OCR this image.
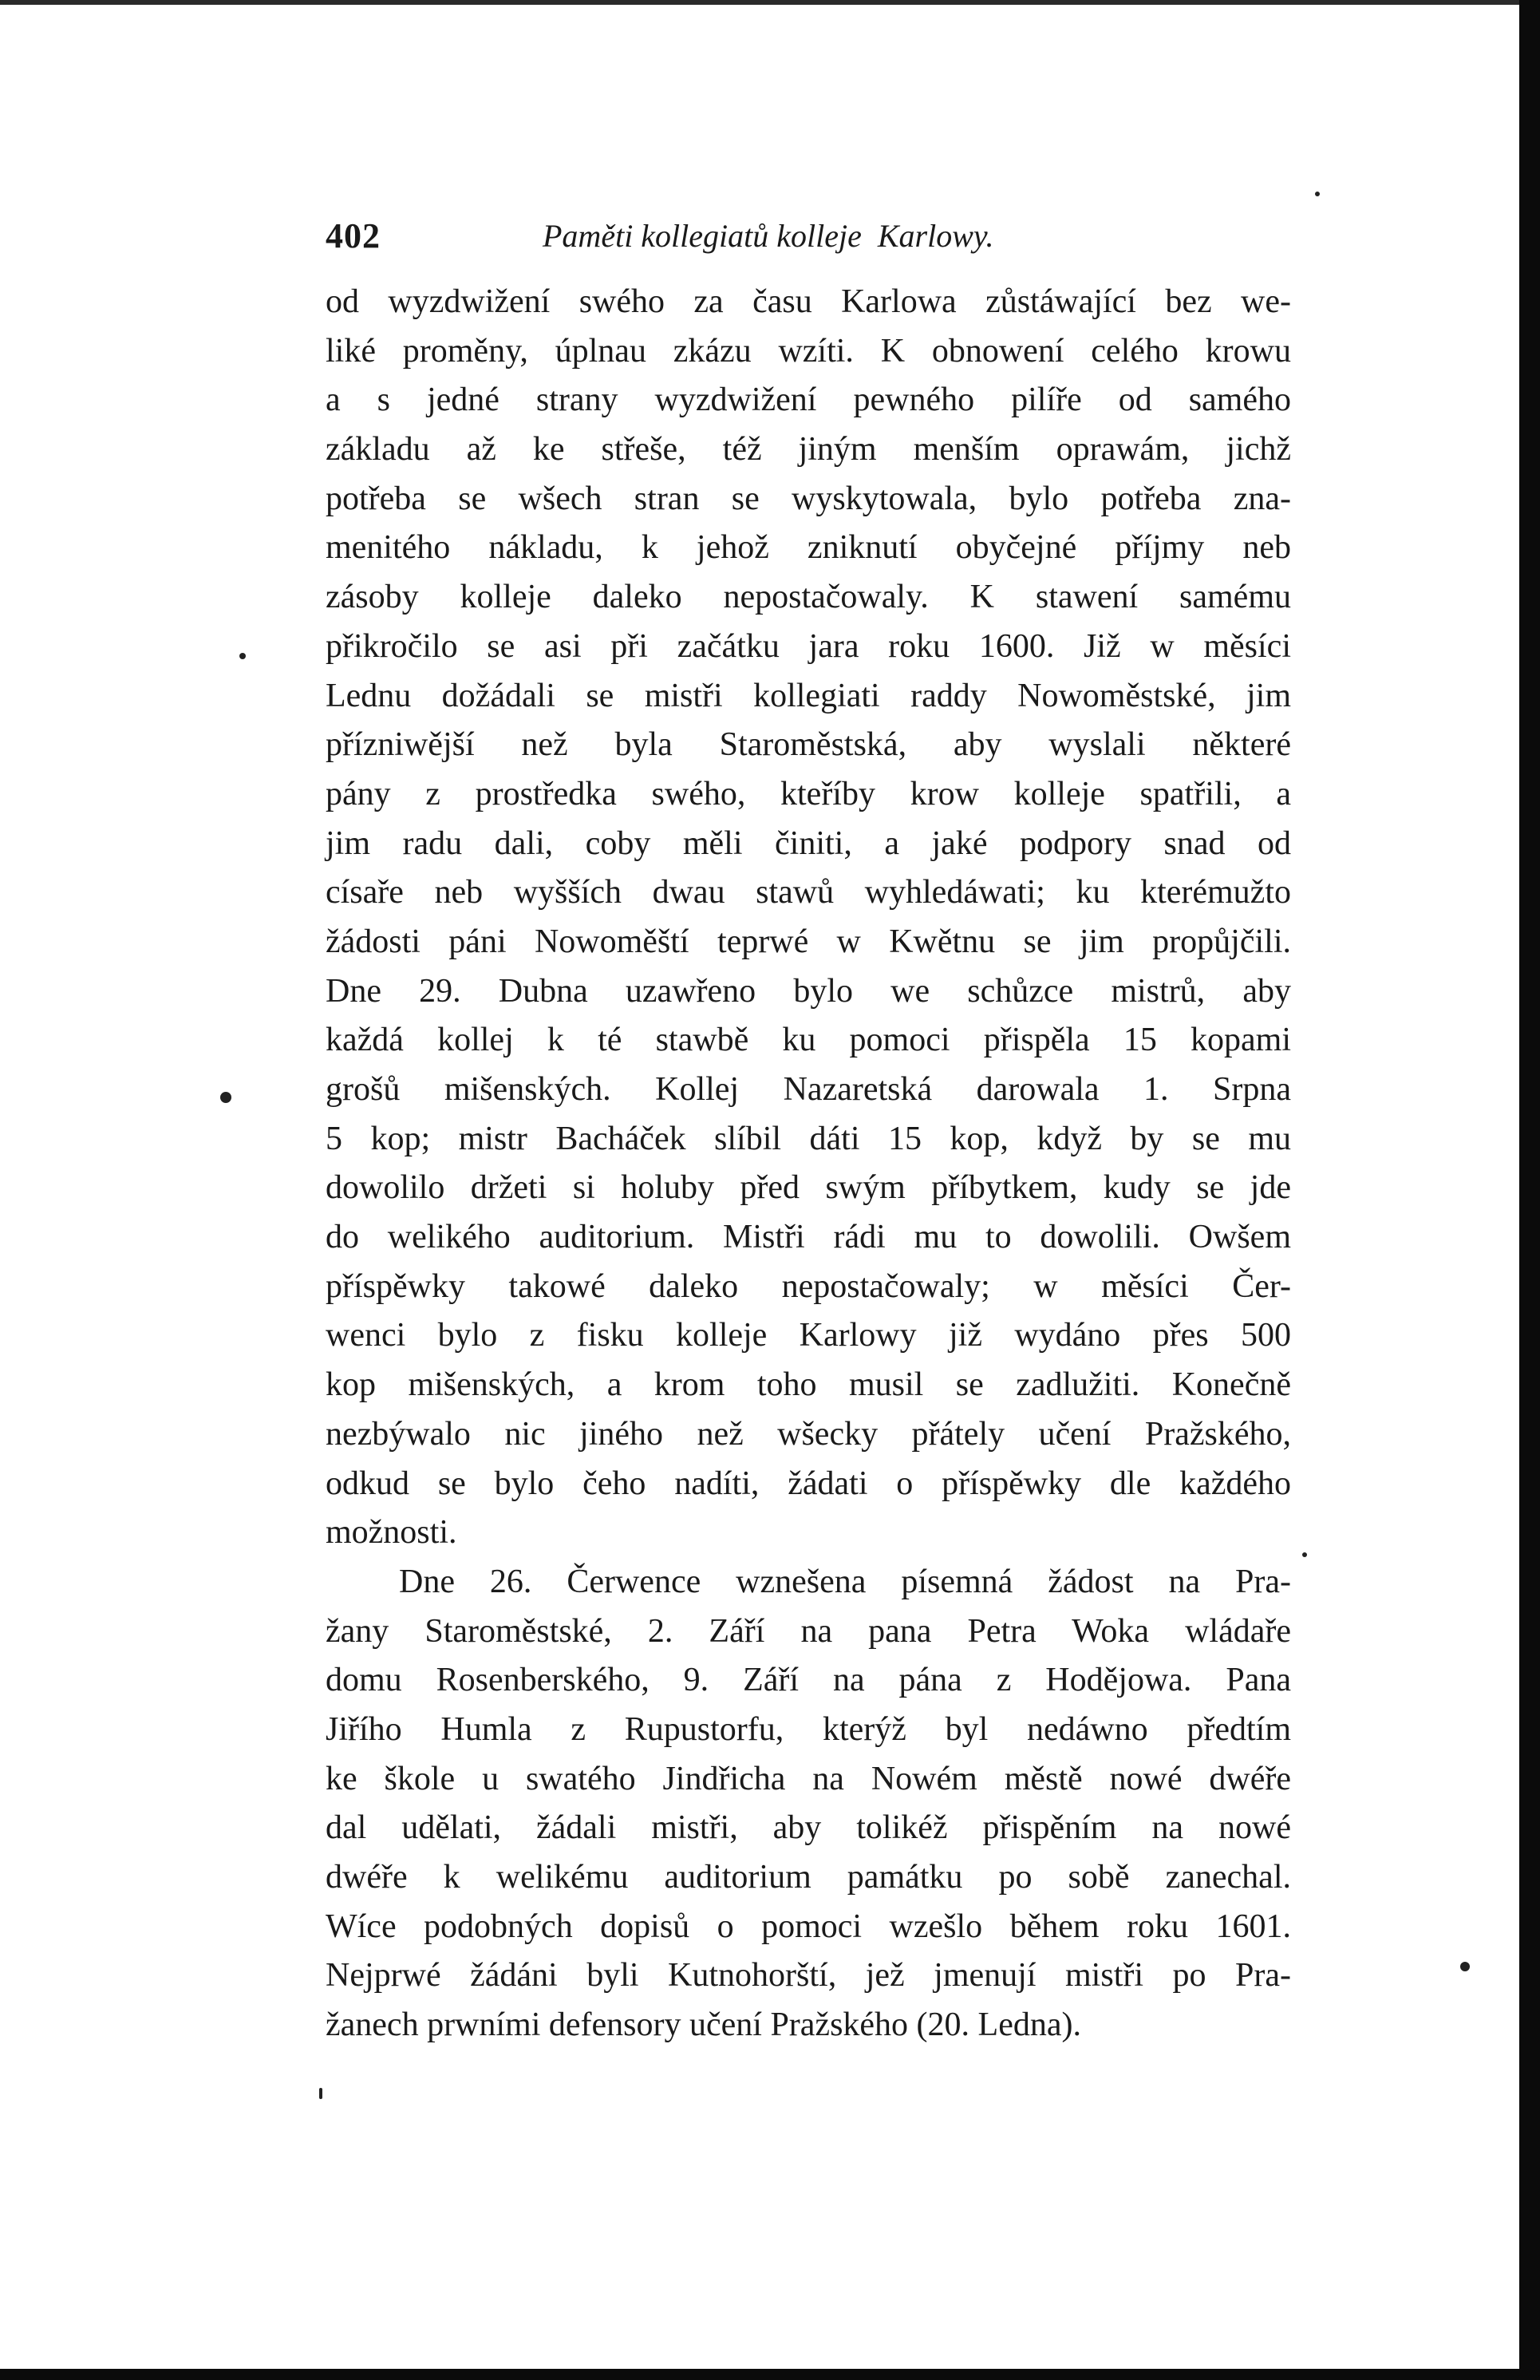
402	Paměti kollegiatů kolleje  Karlowy.
od wyzdwižení swého za času Karlowa zůstáwající bez we-
liké proměny, úplnau zkázu wzíti. K obnowení celého krowu
a s jedné strany wyzdwižení pewného pilíře od samého
základu až ke střeše, též jiným menším oprawám, jichž
potřeba se wšech stran se wyskytowala, bylo potřeba zna-
menitého nákladu, k jehož zniknutí obyčejné příjmy neb
zásoby kolleje daleko nepostačowaly. K stawení samému
přikročilo se asi při začátku jara roku 1600. Již w měsíci
Lednu dožádali se mistři kollegiati raddy Nowoměstské, jim
přízniwější než byla Staroměstská, aby wyslali některé
pány z prostředka swého, kteříby krow kolleje spatřili, a
jim radu dali, coby měli činiti, a jaké podpory snad od
císaře neb wyšších dwau stawů wyhledáwati; ku kterémužto
žádosti páni Nowoměští teprwé w Kwětnu se jim propůjčili.
Dne 29. Dubna uzawřeno bylo we schůzce mistrů, aby
každá kollej k té stawbě ku pomoci přispěla 15 kopami
grošů mišenských. Kollej Nazaretská darowala 1. Srpna
5 kop; mistr Bacháček slíbil dáti 15 kop, když by se mu
dowolilo držeti si holuby před swým příbytkem, kudy se jde
do welikého auditorium. Mistři rádi mu to dowolili. Owšem
příspěwky takowé daleko nepostačowaly; w měsíci Čer-
wenci bylo z fisku kolleje Karlowy již wydáno přes 500
kop mišenských, a krom toho musil se zadlužiti. Konečně
nezbýwalo nic jiného než wšecky přátely učení Pražského,
odkud se bylo čeho nadíti, žádati o příspěwky dle každého
možnosti.
Dne 26. Čerwence wznešena písemná žádost na Pra-
žany Staroměstské, 2. Září na pana Petra Woka wládaře
domu Rosenberského, 9. Září na pána z Hodějowa. Pana
Jiřího Humla z Rupustorfu, kterýž byl nedáwno předtím
ke škole u swatého Jindřicha na Nowém městě nowé dwéře
dal udělati, žádali mistři, aby tolikéž přispěním na nowé
dwéře k welikému auditorium památku po sobě zanechal.
Wíce podobných dopisů o pomoci wzešlo během roku 1601.
Nejprwé žádáni byli Kutnohorští, jež jmenují mistři po Pra-
žanech prwními defensory učení Pražského (20. Ledna).
